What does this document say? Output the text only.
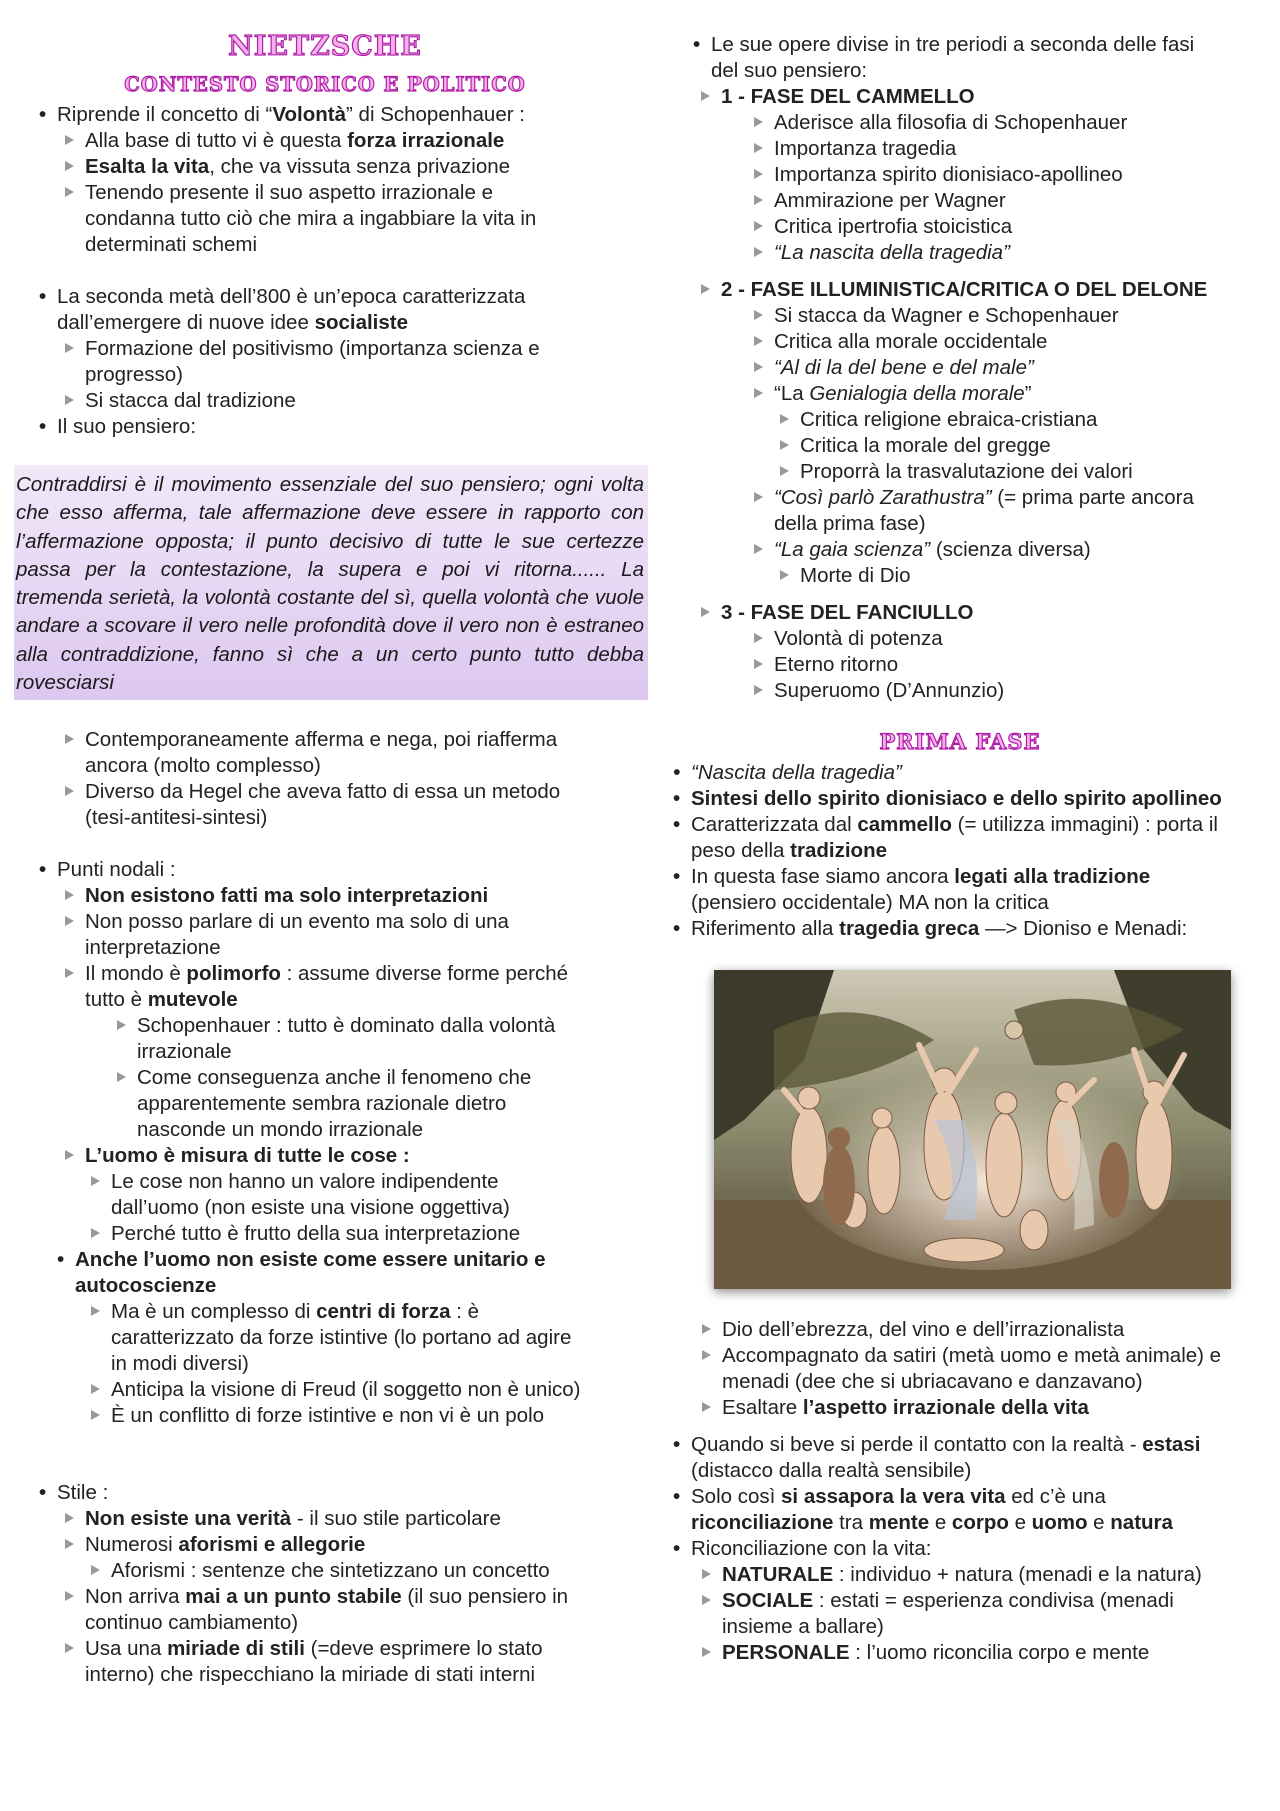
NIETZSCHE
CONTESTO STORICO E POLITICO
• Riprende il concetto di “Volontà” di Schopenhauer :
Alla base di tutto vi è questa forza irrazionale
Esalta la vita, che va vissuta senza privazione
Tenendo presente il suo aspetto irrazionale e
condanna tutto ciò che mira a ingabbiare la vita in
determinati schemi
• La seconda metà dell’800 è un’epoca caratterizzata
dall’emergere di nuove idee socialiste
Formazione del positivismo (importanza scienza e
progresso)
Si stacca dal tradizione
• Il suo pensiero:

Contraddirsi è il movimento essenziale del suo pensiero; ogni volta che esso afferma, tale affermazione deve essere in rapporto con l’affermazione opposta; il punto decisivo di tutte le sue certezze passa per la contestazione, la supera e poi vi ritorna...... La tremenda serietà, la volontà costante del sì, quella volontà che vuole andare a scovare il vero nelle profondità dove il vero non è estraneo alla contraddizione, fanno sì che a un certo punto tutto debba rovesciarsi

Contemporaneamente afferma e nega, poi riafferma
ancora (molto complesso)
Diverso da Hegel che aveva fatto di essa un metodo
(tesi-antitesi-sintesi)
• Punti nodali :
Non esistono fatti ma solo interpretazioni
Non posso parlare di un evento ma solo di una
interpretazione
Il mondo è polimorfo : assume diverse forme perché
tutto è mutevole
Schopenhauer : tutto è dominato dalla volontà
irrazionale
Come conseguenza anche il fenomeno che
apparentemente sembra razionale dietro
nasconde un mondo irrazionale
L’uomo è misura di tutte le cose :
Le cose non hanno un valore indipendente
dall’uomo (non esiste una visione oggettiva)
Perché tutto è frutto della sua interpretazione
• Anche l’uomo non esiste come essere unitario e
autocoscienze
Ma è un complesso di centri di forza : è
caratterizzato da forze istintive (lo portano ad agire
in modi diversi)
Anticipa la visione di Freud (il soggetto non è unico)
È un conflitto di forze istintive e non vi è un polo
• Stile :
Non esiste una verità - il suo stile particolare
Numerosi aforismi e allegorie
Aforismi : sentenze che sintetizzano un concetto
Non arriva mai a un punto stabile (il suo pensiero in
continuo cambiamento)
Usa una miriade di stili (=deve esprimere lo stato
interno) che rispecchiano la miriade di stati interni
• Le sue opere divise in tre periodi a seconda delle fasi
del suo pensiero:
1 - FASE DEL CAMMELLO
Aderisce alla filosofia di Schopenhauer
Importanza tragedia
Importanza spirito dionisiaco-apollineo
Ammirazione per Wagner
Critica ipertrofia stoicistica
“La nascita della tragedia”
2 - FASE ILLUMINISTICA/CRITICA O DEL DELONE
Si stacca da Wagner e Schopenhauer
Critica alla morale occidentale
“Al di la del bene e del male”
“La Genialogia della morale”
Critica religione ebraica-cristiana
Critica la morale del gregge
Proporrà la trasvalutazione dei valori
“Così parlò Zarathustra” (= prima parte ancora
della prima fase)
“La gaia scienza” (scienza diversa)
Morte di Dio
3 - FASE DEL FANCIULLO
Volontà di potenza
Eterno ritorno
Superuomo (D’Annunzio)
PRIMA FASE
• “Nascita della tragedia”
• Sintesi dello spirito dionisiaco e dello spirito apollineo
• Caratterizzata dal cammello (= utilizza immagini) : porta il
peso della tradizione
• In questa fase siamo ancora legati alla tradizione
(pensiero occidentale) MA non la critica
• Riferimento alla tragedia greca —> Dioniso e Menadi:
Dio dell’ebrezza, del vino e dell’irrazionalista
Accompagnato da satiri (metà uomo e metà animale) e
menadi (dee che si ubriacavano e danzavano)
Esaltare l’aspetto irrazionale della vita
• Quando si beve si perde il contatto con la realtà - estasi
(distacco dalla realtà sensibile)
• Solo così si assapora la vera vita ed c’è una
riconciliazione tra mente e corpo e uomo e natura
• Riconciliazione con la vita:
NATURALE : individuo + natura (menadi e la natura)
SOCIALE : estati = esperienza condivisa (menadi
insieme a ballare)
PERSONALE : l’uomo riconcilia corpo e mente
